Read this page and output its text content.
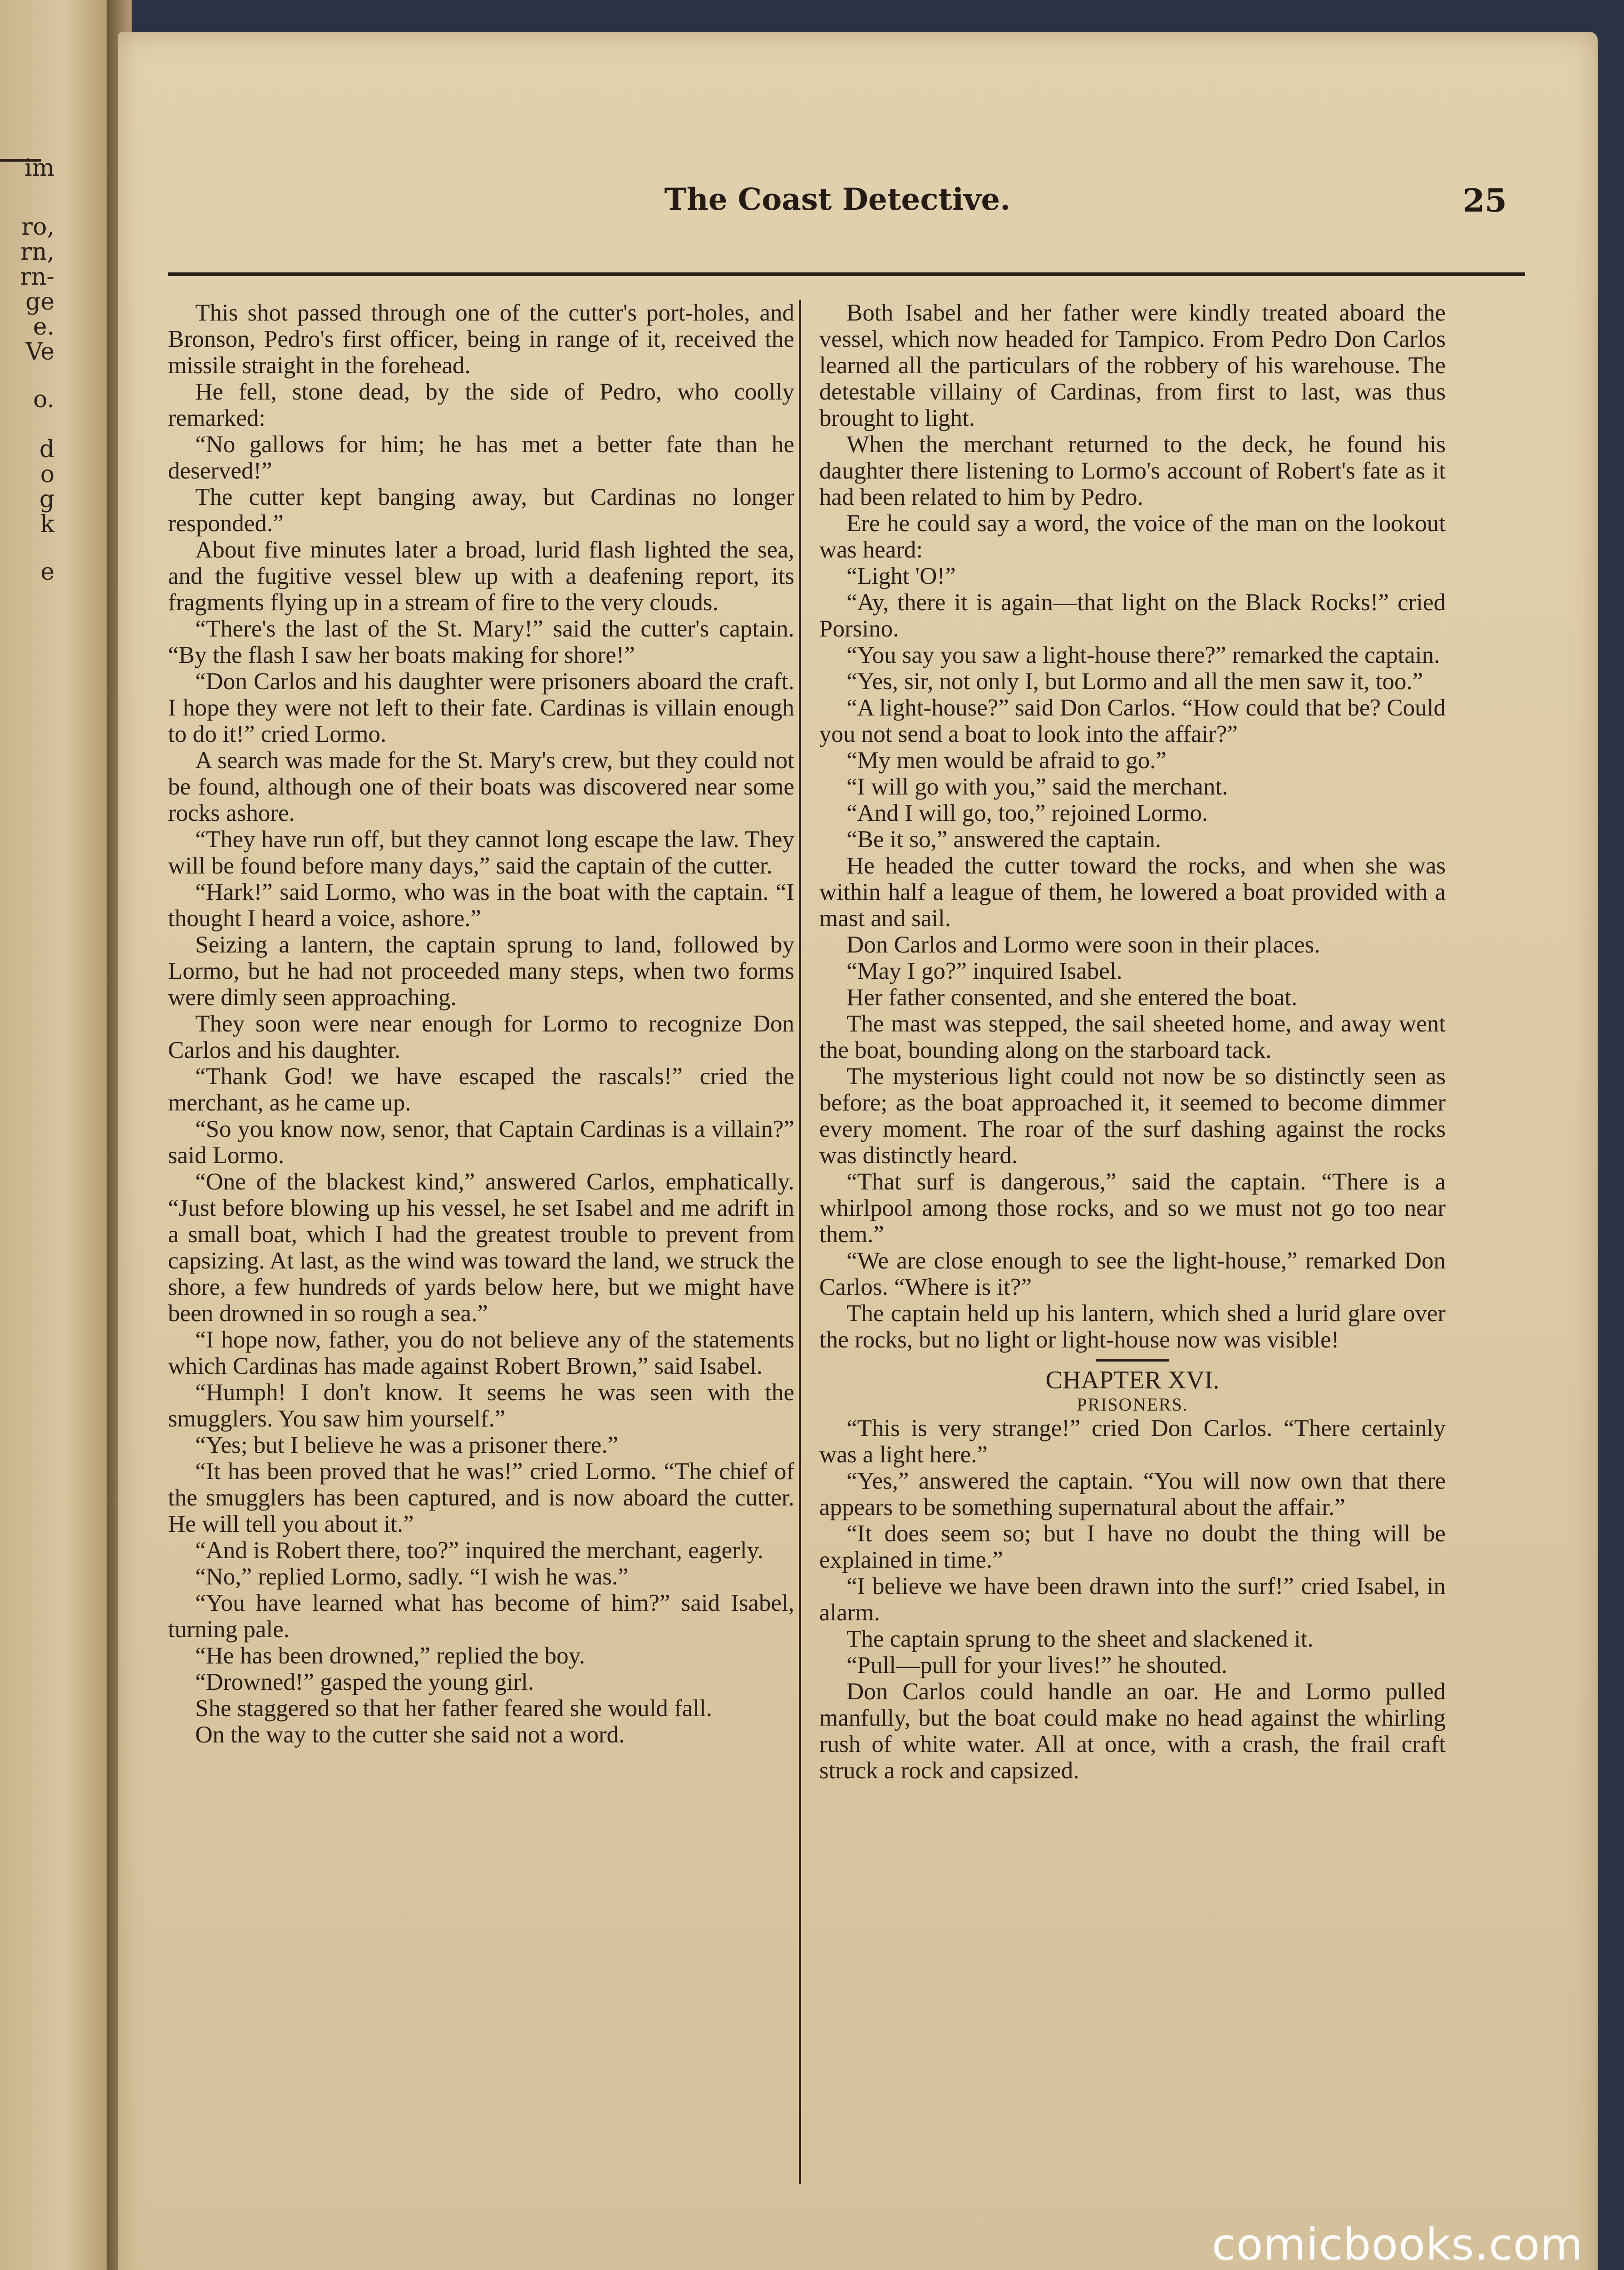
im
ro,
rn,
rn-
ge
e.
Ve
o.
d
o
g
k
e
The Coast Detective.	25

This shot passed through one of the cutter's port-holes, and Bronson, Pedro's first officer, being in range of it, received the missile straight in the forehead.

He fell, stone dead, by the side of Pedro, who coolly remarked:

“No gallows for him; he has met a better fate than he deserved!”

The cutter kept banging away, but Cardinas no longer responded.”

About five minutes later a broad, lurid flash lighted the sea, and the fugitive vessel blew up with a deafening report, its fragments flying up in a stream of fire to the very clouds.

“There's the last of the St. Mary!” said the cutter's captain. “By the flash I saw her boats making for shore!”

“Don Carlos and his daughter were prisoners aboard the craft. I hope they were not left to their fate. Cardinas is villain enough to do it!” cried Lormo.

A search was made for the St. Mary's crew, but they could not be found, although one of their boats was discovered near some rocks ashore.

“They have run off, but they cannot long escape the law. They will be found before many days,” said the captain of the cutter.

“Hark!” said Lormo, who was in the boat with the captain. “I thought I heard a voice, ashore.”

Seizing a lantern, the captain sprung to land, followed by Lormo, but he had not proceeded many steps, when two forms were dimly seen approaching.

They soon were near enough for Lormo to recognize Don Carlos and his daughter.

“Thank God! we have escaped the rascals!” cried the merchant, as he came up.

“So you know now, senor, that Captain Cardinas is a villain?” said Lormo.

“One of the blackest kind,” answered Carlos, emphatically. “Just before blowing up his vessel, he set Isabel and me adrift in a small boat, which I had the greatest trouble to prevent from capsizing. At last, as the wind was toward the land, we struck the shore, a few hundreds of yards below here, but we might have been drowned in so rough a sea.”

“I hope now, father, you do not believe any of the statements which Cardinas has made against Robert Brown,” said Isabel.

“Humph! I don't know. It seems he was seen with the smugglers. You saw him yourself.”

“Yes; but I believe he was a prisoner there.”

“It has been proved that he was!” cried Lormo. “The chief of the smugglers has been captured, and is now aboard the cutter. He will tell you about it.”

“And is Robert there, too?” inquired the merchant, eagerly.

“No,” replied Lormo, sadly. “I wish he was.”

“You have learned what has become of him?” said Isabel, turning pale.

“He has been drowned,” replied the boy.

“Drowned!” gasped the young girl.

She staggered so that her father feared she would fall.

On the way to the cutter she said not a word.

Both Isabel and her father were kindly treated aboard the vessel, which now headed for Tampico. From Pedro Don Carlos learned all the particulars of the robbery of his warehouse. The detestable villainy of Cardinas, from first to last, was thus brought to light.

When the merchant returned to the deck, he found his daughter there listening to Lormo's account of Robert's fate as it had been related to him by Pedro.

Ere he could say a word, the voice of the man on the lookout was heard:

“Light 'O!”

“Ay, there it is again—that light on the Black Rocks!” cried Porsino.

“You say you saw a light-house there?” remarked the captain.

“Yes, sir, not only I, but Lormo and all the men saw it, too.”

“A light-house?” said Don Carlos. “How could that be? Could you not send a boat to look into the affair?”

“My men would be afraid to go.”

“I will go with you,” said the merchant.

“And I will go, too,” rejoined Lormo.

“Be it so,” answered the captain.

He headed the cutter toward the rocks, and when she was within half a league of them, he lowered a boat provided with a mast and sail.

Don Carlos and Lormo were soon in their places.

“May I go?” inquired Isabel.

Her father consented, and she entered the boat.

The mast was stepped, the sail sheeted home, and away went the boat, bounding along on the starboard tack.

The mysterious light could not now be so distinctly seen as before; as the boat approached it, it seemed to become dimmer every moment. The roar of the surf dashing against the rocks was distinctly heard.

“That surf is dangerous,” said the captain. “There is a whirlpool among those rocks, and so we must not go too near them.”

“We are close enough to see the light-house,” remarked Don Carlos. “Where is it?”

The captain held up his lantern, which shed a lurid glare over the rocks, but no light or light-house now was visible!

CHAPTER XVI.

PRISONERS.

“This is very strange!” cried Don Carlos. “There certainly was a light here.”

“Yes,” answered the captain. “You will now own that there appears to be something supernatural about the affair.”

“It does seem so; but I have no doubt the thing will be explained in time.”

“I believe we have been drawn into the surf!” cried Isabel, in alarm.

The captain sprung to the sheet and slackened it.

“Pull—pull for your lives!” he shouted.

Don Carlos could handle an oar. He and Lormo pulled manfully, but the boat could make no head against the whirling rush of white water. All at once, with a crash, the frail craft struck a rock and capsized.

comicbooks.com
